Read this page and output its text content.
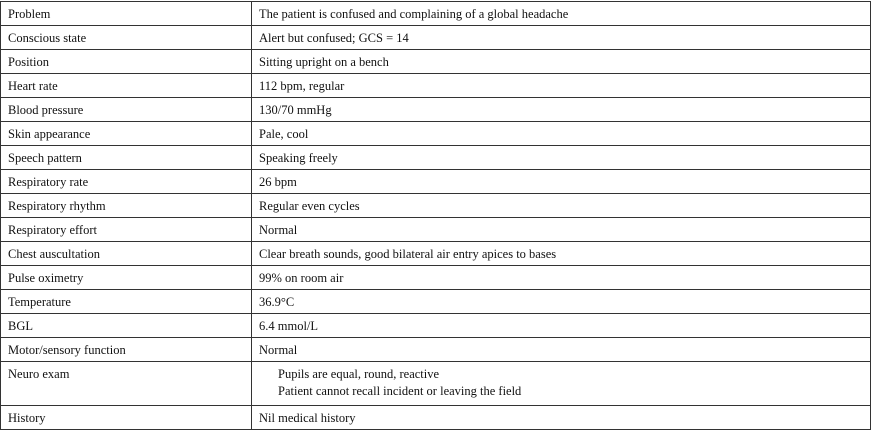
Problem	The patient is confused and complaining of a global headache
Conscious state	Alert but confused; GCS = 14
Position	Sitting upright on a bench
Heart rate	112 bpm, regular
Blood pressure	130/70 mmHg
Skin appearance	Pale, cool
Speech pattern	Speaking freely
Respiratory rate	26 bpm
Respiratory rhythm	Regular even cycles
Respiratory effort	Normal
Chest auscultation	Clear breath sounds, good bilateral air entry apices to bases
Pulse oximetry	99% on room air
Temperature	36.9°C
BGL	6.4 mmol/L
Motor/sensory function	Normal
Neuro exam	Pupils are equal, round, reactive
Patient cannot recall incident or leaving the field

History	Nil medical history
